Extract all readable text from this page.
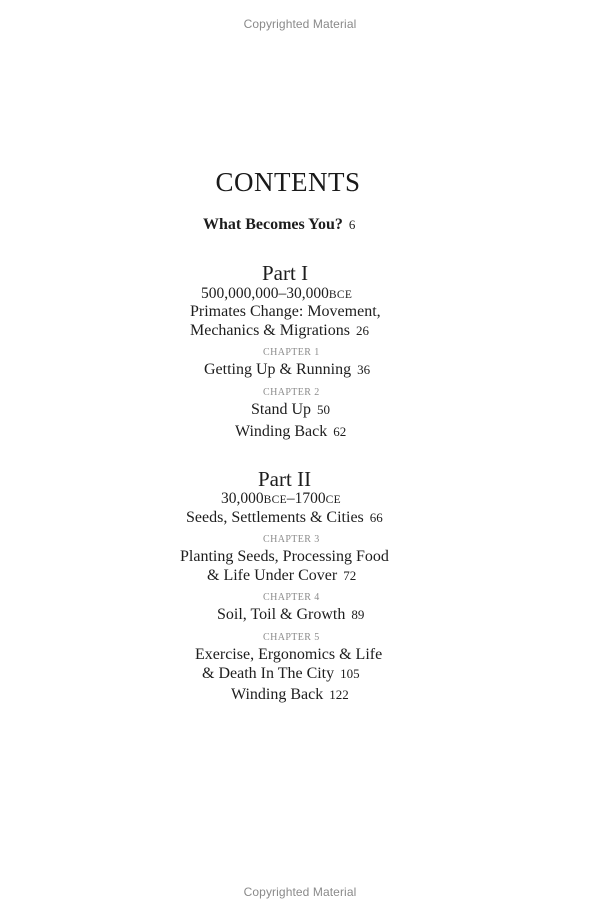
Copyrighted Material
CONTENTS
What Becomes You? 6
Part I
500,000,000–30,000BCE
Primates Change: Movement,
Mechanics & Migrations 26
CHAPTER 1
Getting Up & Running 36
CHAPTER 2
Stand Up 50
Winding Back 62
Part II
30,000BCE–1700CE
Seeds, Settlements & Cities 66
CHAPTER 3
Planting Seeds, Processing Food
& Life Under Cover 72
CHAPTER 4
Soil, Toil & Growth 89
CHAPTER 5
Exercise, Ergonomics & Life
& Death In The City 105
Winding Back 122
Copyrighted Material
